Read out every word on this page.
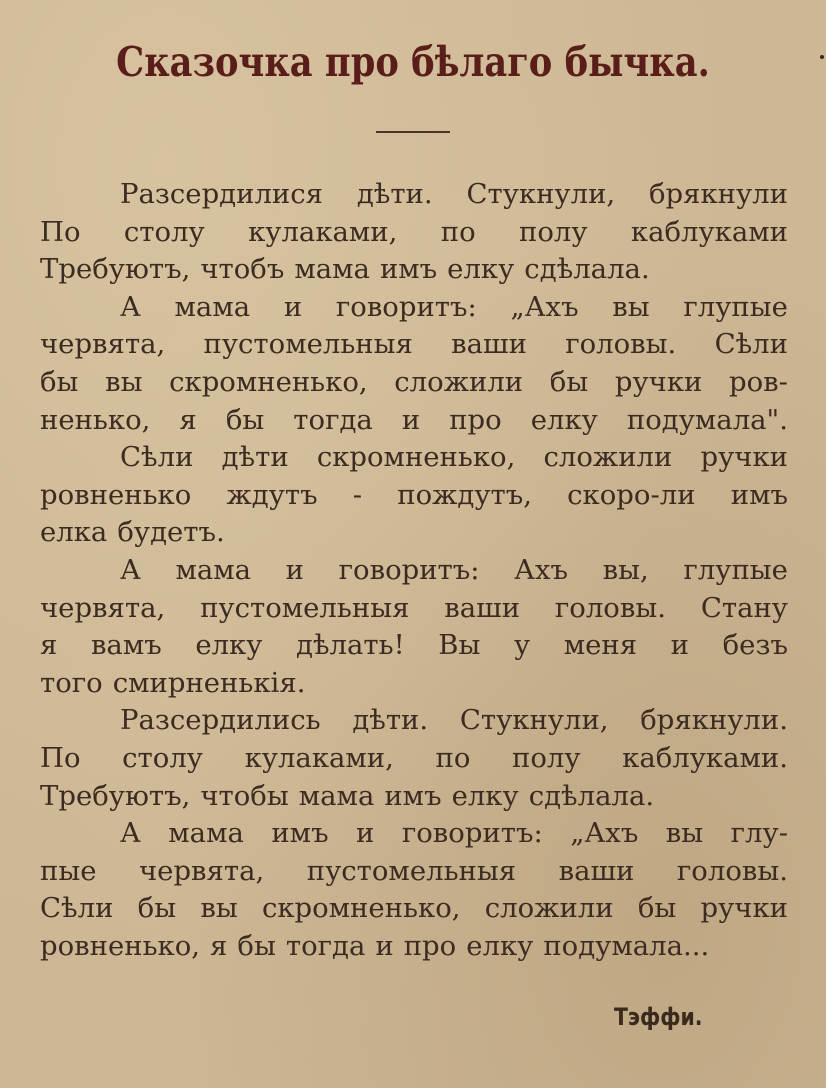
Сказочка про бѣлаго бычка.
Разсердилися дѣти. Стукнули, брякнули
По столу кулаками, по полу каблуками
Требуютъ, чтобъ мама имъ елку сдѣлала.
А мама и говоритъ: „Ахъ вы глупые
червята, пустомельныя ваши головы. Сѣли
бы вы скромненько, сложили бы ручки ров-
ненько, я бы тогда и про елку подумала".
Сѣли дѣти скромненько, сложили ручки
ровненько ждутъ - пождутъ, скоро-ли имъ
елка будетъ.
А мама и говоритъ: Ахъ вы, глупые
червята, пустомельныя ваши головы. Стану
я вамъ елку дѣлать! Вы у меня и безъ
того смирненькія.
Разсердились дѣти. Стукнули, брякнули.
По столу кулаками, по полу каблуками.
Требуютъ, чтобы мама имъ елку сдѣлала.
А мама имъ и говоритъ: „Ахъ вы глу-
пые червята, пустомельныя ваши головы.
Сѣли бы вы скромненько, сложили бы ручки
ровненько, я бы тогда и про елку подумала...
Тэффи.
